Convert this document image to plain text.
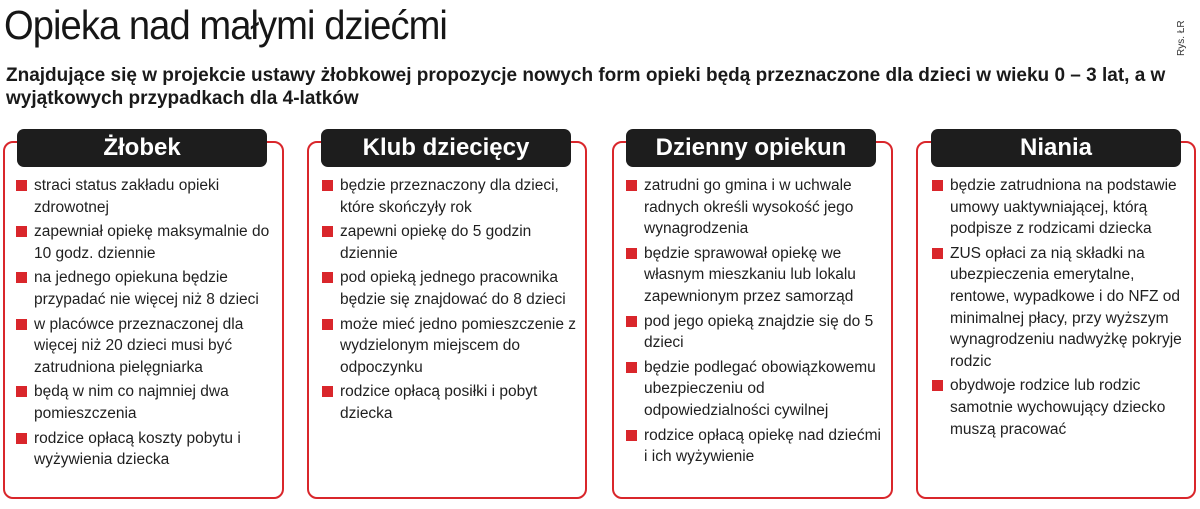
Opieka nad małymi dziećmi	Rys. ŁR
Znajdujące się w projekcie ustawy żłobkowej propozycje nowych form opieki będą przeznaczone dla dzieci w wieku 0 – 3 lat, a w wyjątkowych przypadkach dla 4-latków
Żłobek
straci status zakładu opieki zdrowotnej
zapewniał opiekę maksymalnie do 10 godz. dziennie
na jednego opiekuna będzie przypadać nie więcej niż 8 dzieci
w placówce przeznaczonej dla więcej niż 20 dzieci musi być zatrudniona pielęgniarka
będą w nim co najmniej dwa pomieszczenia
rodzice opłacą koszty pobytu i wyżywienia dziecka
Klub dziecięcy
będzie przeznaczony dla dzieci, które skończyły rok
zapewni opiekę do 5 godzin dziennie
pod opieką jednego pracownika będzie się znajdować do 8 dzieci
może mieć jedno pomieszczenie z wydzielonym miejscem do odpoczynku
rodzice opłacą posiłki i pobyt dziecka
Dzienny opiekun
zatrudni go gmina i w uchwale radnych określi wysokość jego wynagrodzenia
będzie sprawował opiekę we własnym mieszkaniu lub lokalu zapewnionym przez samorząd
pod jego opieką znajdzie się do 5 dzieci
będzie podlegać obowiązkowemu ubezpieczeniu od odpowiedzialności cywilnej
rodzice opłacą opiekę nad dziećmi i ich wyżywienie
Niania
będzie zatrudniona na podstawie umowy uaktywniającej, którą podpisze z rodzicami dziecka
ZUS opłaci za nią składki na ubezpieczenia emerytalne, rentowe, wypadkowe i do NFZ od minimalnej płacy, przy wyższym wynagrodzeniu nadwyżkę pokryje rodzic
obydwoje rodzice lub rodzic samotnie wychowujący dziecko muszą pracować
